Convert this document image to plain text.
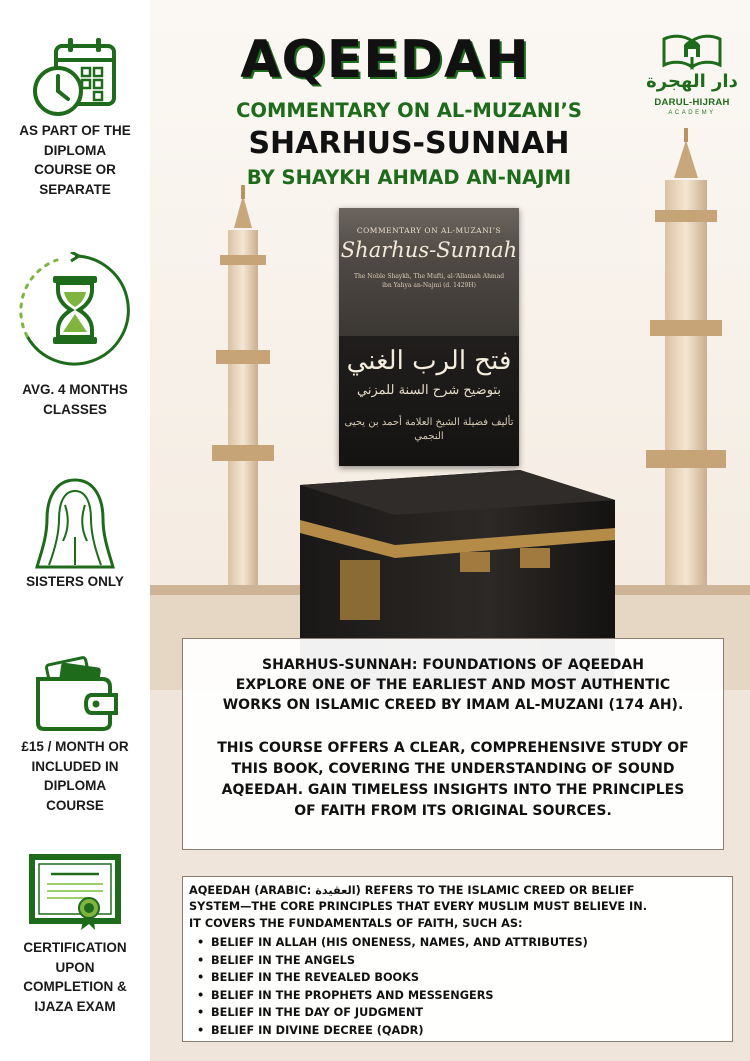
AS PART OF THE
DIPLOMA
COURSE OR
SEPARATE
AVG. 4 MONTHS
CLASSES
SISTERS ONLY
£15 / MONTH OR
INCLUDED IN
DIPLOMA
COURSE
CERTIFICATION
UPON
COMPLETION &
IJAZA EXAM
AQEEDAH
COMMENTARY ON AL-MUZANI’S
SHARHUS-SUNNAH
BY SHAYKH AHMAD AN-NAJMI
دار الهجرة
DARUL-HIJRAH
ACADEMY
COMMENTARY ON AL-MUZANI’S
Sharhus-Sunnah
The Noble Shaykh, The Mufti, al-‘Allamah Ahmad ibn Yahya an-Najmi (d. 1429H)
فتح الرب الغني
بتوضيح شرح السنة للمزني
تأليف فضيلة الشيخ العلامة أحمد بن يحيى النجمي
SHARHUS-SUNNAH: FOUNDATIONS OF AQEEDAH
EXPLORE ONE OF THE EARLIEST AND MOST AUTHENTIC
WORKS ON ISLAMIC CREED BY IMAM AL-MUZANI (174 AH).
THIS COURSE OFFERS A CLEAR, COMPREHENSIVE STUDY OF
THIS BOOK, COVERING THE UNDERSTANDING OF SOUND
AQEEDAH. GAIN TIMELESS INSIGHTS INTO THE PRINCIPLES
OF FAITH FROM ITS ORIGINAL SOURCES.
AQEEDAH (ARABIC: العقيدة) REFERS TO THE ISLAMIC CREED OR BELIEF
SYSTEM—THE CORE PRINCIPLES THAT EVERY MUSLIM MUST BELIEVE IN.
IT COVERS THE FUNDAMENTALS OF FAITH, SUCH AS:
• BELIEF IN ALLAH (HIS ONENESS, NAMES, AND ATTRIBUTES)
• BELIEF IN THE ANGELS
• BELIEF IN THE REVEALED BOOKS
• BELIEF IN THE PROPHETS AND MESSENGERS
• BELIEF IN THE DAY OF JUDGMENT
• BELIEF IN DIVINE DECREE (QADR)
